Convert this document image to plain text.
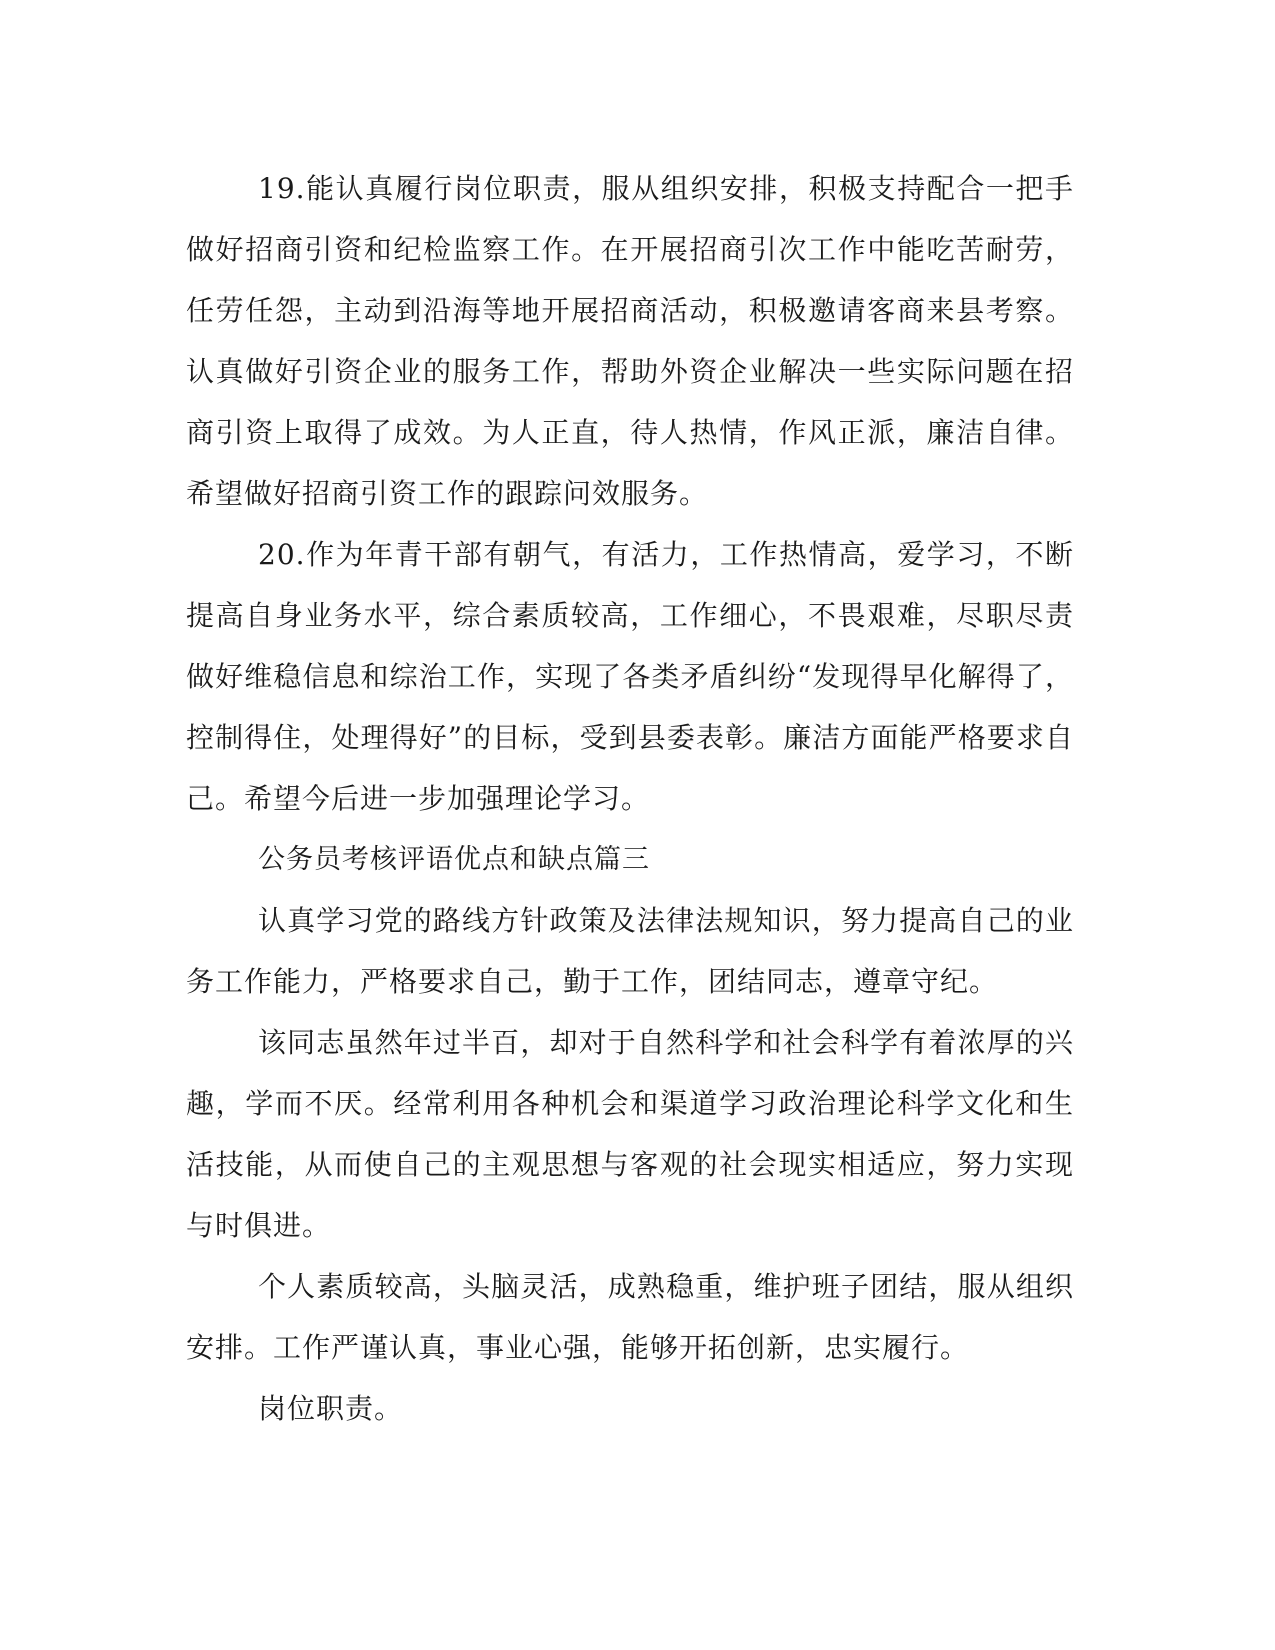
19.能认真履行岗位职责，服从组织安排，积极支持配合一把手做好招商引资和纪检监察工作。在开展招商引次工作中能吃苦耐劳，任劳任怨，主动到沿海等地开展招商活动，积极邀请客商来县考察。认真做好引资企业的服务工作，帮助外资企业解决一些实际问题在招商引资上取得了成效。为人正直，待人热情，作风正派，廉洁自律。希望做好招商引资工作的跟踪问效服务。

20.作为年青干部有朝气，有活力，工作热情高，爱学习，不断提高自身业务水平，综合素质较高，工作细心，不畏艰难，尽职尽责做好维稳信息和综治工作，实现了各类矛盾纠纷“发现得早化解得了，控制得住，处理得好”的目标，受到县委表彰。廉洁方面能严格要求自己。希望今后进一步加强理论学习。

公务员考核评语优点和缺点篇三

认真学习党的路线方针政策及法律法规知识，努力提高自己的业务工作能力，严格要求自己，勤于工作，团结同志，遵章守纪。

该同志虽然年过半百，却对于自然科学和社会科学有着浓厚的兴趣，学而不厌。经常利用各种机会和渠道学习政治理论科学文化和生活技能，从而使自己的主观思想与客观的社会现实相适应，努力实现与时俱进。

个人素质较高，头脑灵活，成熟稳重，维护班子团结，服从组织安排。工作严谨认真，事业心强，能够开拓创新，忠实履行。

岗位职责。
